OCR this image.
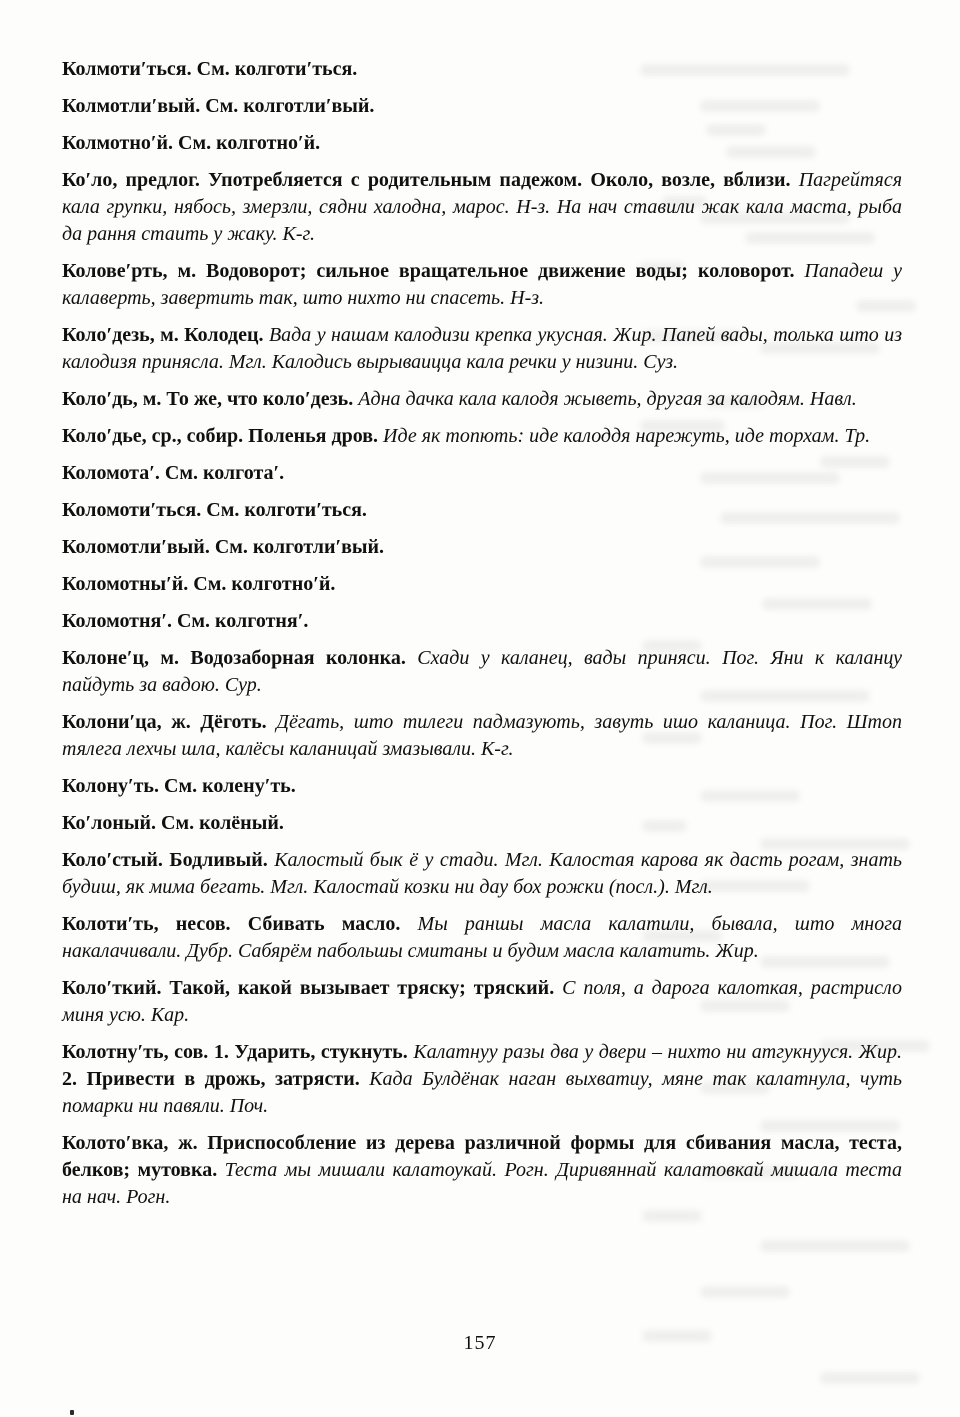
Колмоти′ться. См. колготи′ться.

Колмотли′вый. См. колготли′вый.

Колмотно′й. См. колготно′й.

Ко′ло, предлог. Употребляется с родительным падежом. Около, возле, вблизи. Пагрейтяся кала групки, нябось, змерзли, сядни халодна, марос. Н-з. На нач ставили жак кала маста, рыба да рання стаить у жаку. К-г.

Колове′рть, м. Водоворот; сильное вращательное движение воды; коловорот. Пападеш у калаверть, завертить так, што нихто ни спасеть. Н-з.

Коло′дезь, м. Колодец. Вада у нашам калодизи крепка укусная. Жир. Папей вады, толька што из калодизя принясла. Мгл. Калодись вырываицца кала речки у низини. Суз.

Коло′дь, м. То же, что коло′дезь. Адна дачка кала калодя жыветь, другая за калодям. Навл.

Коло′дье, ср., собир. Поленья дров. Иде як топють: иде калоддя нарежуть, иде торхам. Тр.

Коломота′. См. колгота′.

Коломоти′ться. См. колготи′ться.

Коломотли′вый. См. колготли′вый.

Коломотны′й. См. колготно′й.

Коломотня′. См. колготня′.

Колоне′ц, м. Водозаборная колонка. Схади у каланец, вады приняси. Пог. Яни к каланцу пайдуть за вадою. Сур.

Колони′ца, ж. Дёготь. Дёгать, што тилеги падмазують, завуть ишо каланица. Пог. Штоп тялега лехчы шла, калёсы каланицай змазывали. К-г.

Колону′ть. См. колену′ть.

Ко′лоный. См. колёный.

Коло′стый. Бодливый. Калостый бык ё у стади. Мгл. Калостая карова як дасть рогам, знать будиш, як мима бегать. Мгл. Калостай козки ни дау бох рожки (посл.). Мгл.

Колоти′ть, несов. Сбивать масло. Мы раншы масла калатили, бывала, што многа накалачивали. Дубр. Сабярём пабольшы смитаны и будим масла калатить. Жир.

Коло′ткий. Такой, какой вызывает тряску; тряский. С поля, а дарога калоткая, растрисло миня усю. Кар.

Колотну′ть, сов. 1. Ударить, стукнуть. Калатнуу разы два у двери – нихто ни атгукнууся. Жир. 2. Привести в дрожь, затрясти. Када Булдёнак наган выхватиу, мяне так калатнула, чуть помарки ни павяли. Поч.

Колото′вка, ж. Приспособление из дерева различной формы для сбивания масла, теста, белков; мутовка. Теста мы мишали калатоукай. Рогн. Диривяннай калатовкай мишала теста на нач. Рогн.

157
